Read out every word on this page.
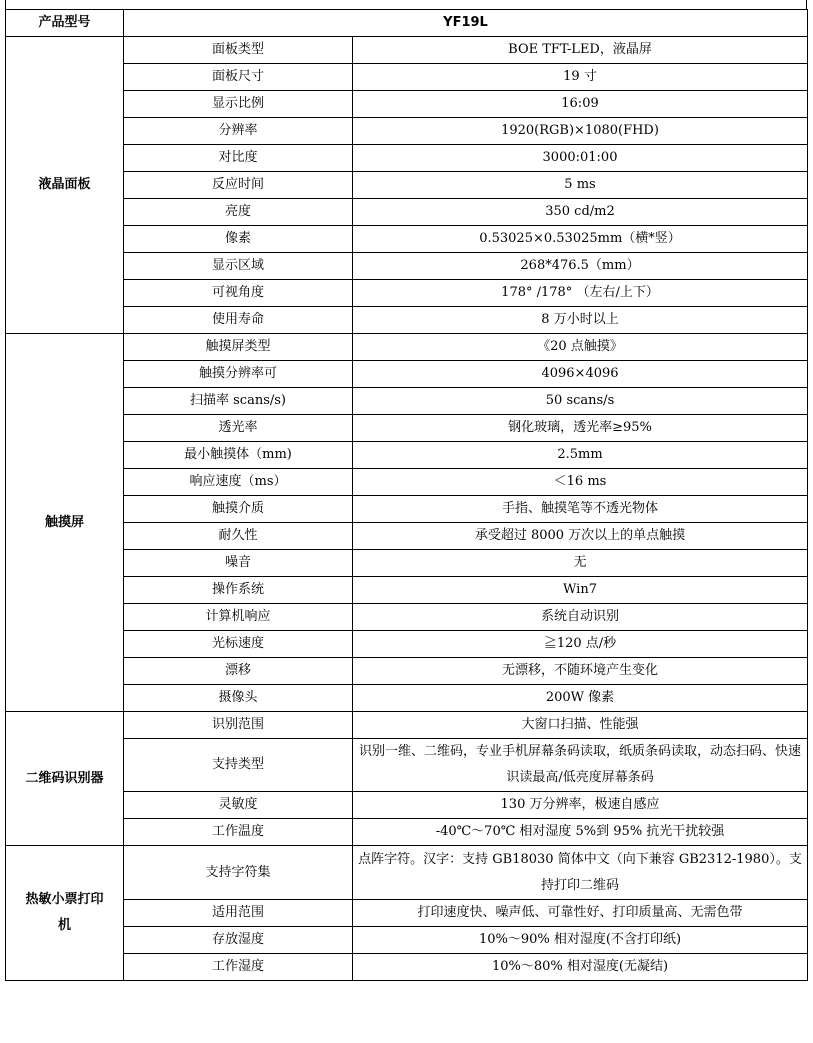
产品型号	YF19L	
液晶面板	面板类型	BOE TFT-LED，液晶屏
	面板尺寸	19 寸
	显示比例	16:09
	分辨率	1920(RGB)×1080(FHD)
	对比度	3000:01:00
	反应时间	5 ms
	亮度	350 cd/m2
	像素	0.53025×0.53025mm（横*竖）
	显示区域	268*476.5（mm）
	可视角度	178° /178° （左右/上下）
	使用寿命	8 万小时以上
触摸屏	触摸屏类型	《20 点触摸》
	触摸分辨率可	4096×4096
	扫描率 scans/s)	50 scans/s
	透光率	钢化玻璃，透光率≥95%
	最小触摸体（mm)	2.5mm
	响应速度（ms）	＜16 ms
	触摸介质	手指、触摸笔等不透光物体
	耐久性	承受超过 8000 万次以上的单点触摸
	噪音	无
	操作系统	Win7
	计算机响应	系统自动识别
	光标速度	≧120 点/秒
	漂移	无漂移，不随环境产生变化
	摄像头	200W 像素
二维码识别器	识别范围	大窗口扫描、性能强
	支持类型	识别一维、二维码，专业手机屏幕条码读取，纸质条码读取，动态扫码、快速识读最高/低亮度屏幕条码
	灵敏度	130 万分辨率，极速自感应
	工作温度	-40℃～70℃ 相对湿度 5%到 95% 抗光干扰较强
热敏小票打印机	支持字符集	点阵字符。汉字：支持 GB18030 简体中文（向下兼容 GB2312-1980）。支持打印二维码
	适用范围	打印速度快、噪声低、可靠性好、打印质量高、无需色带
	存放湿度	10%～90% 相对湿度(不含打印纸)
	工作湿度	10%～80% 相对湿度(无凝结)
